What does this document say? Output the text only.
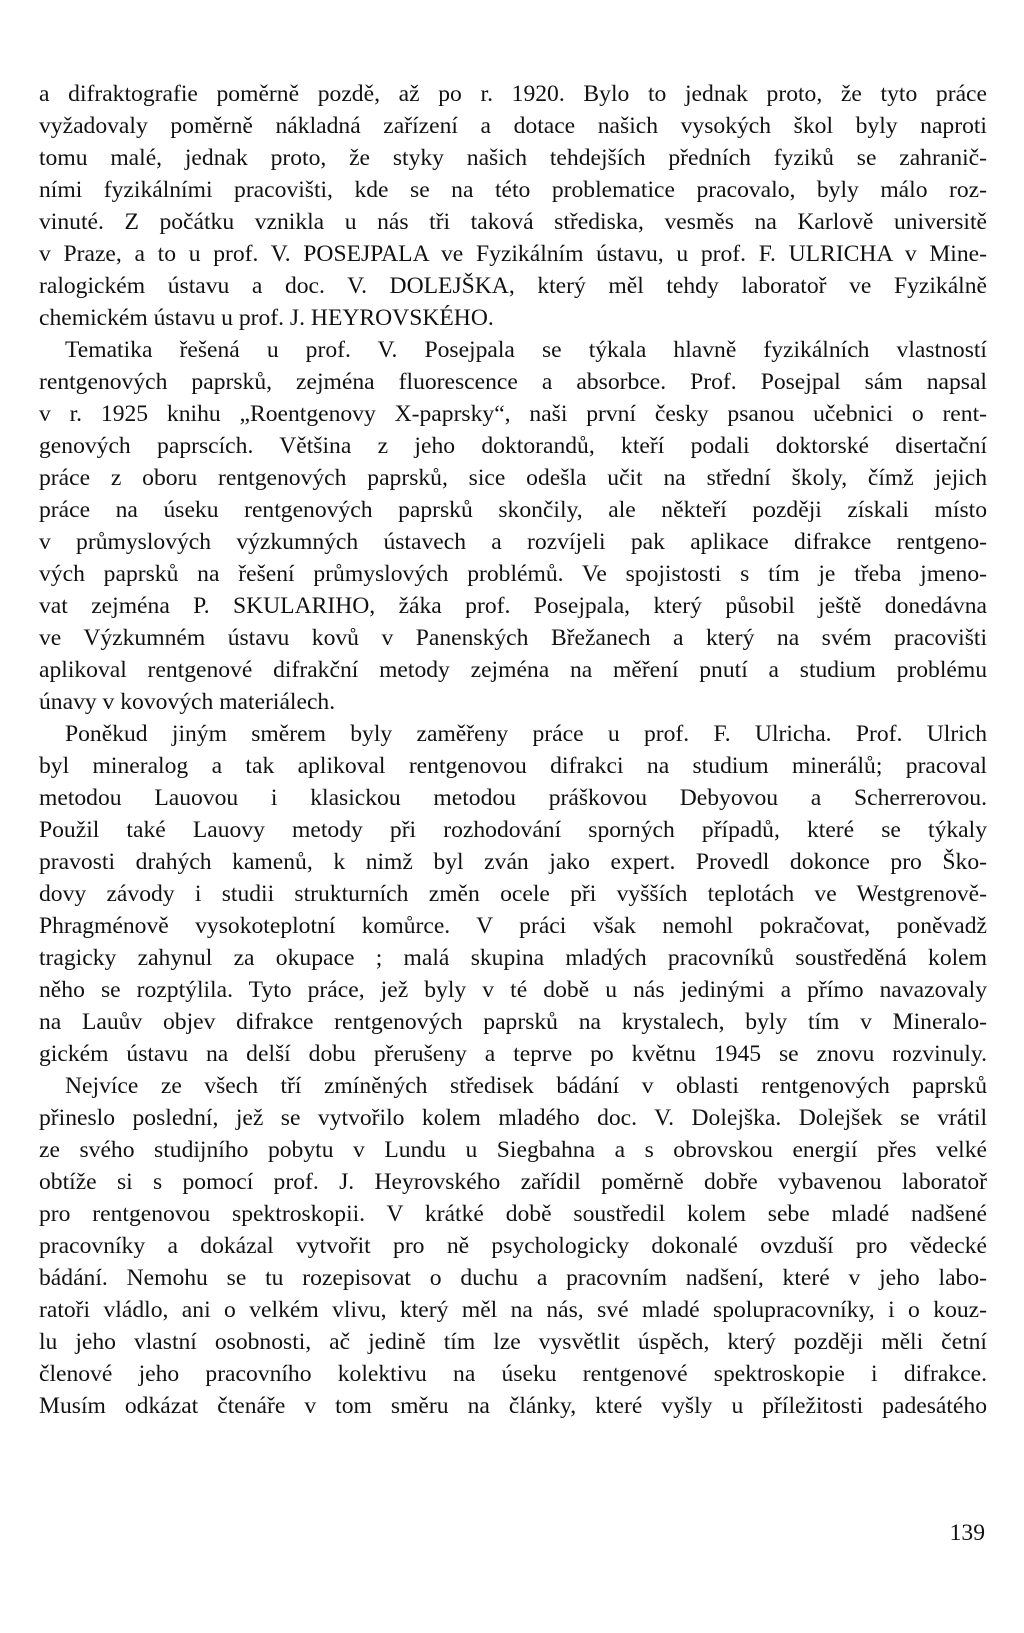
a difraktografie poměrně pozdě, až po r. 1920. Bylo to jednak proto, že tyto práce
vyžadovaly poměrně nákladná zařízení a dotace našich vysokých škol byly naproti
tomu malé, jednak proto, že styky našich tehdejších předních fyziků se zahranič-
ními fyzikálními pracovišti, kde se na této problematice pracovalo, byly málo roz-
vinuté. Z počátku vznikla u nás tři taková střediska, vesměs na Karlově universitě
v Praze, a to u prof. V. POSEJPALA ve Fyzikálním ústavu, u prof. F. ULRICHA v Mine-
ralogickém ústavu a doc. V. DOLEJŠKA, který měl tehdy laboratoř ve Fyzikálně
chemickém ústavu u prof. J. HEYROVSKÉHO.
Tematika řešená u prof. V. Posejpala se týkala hlavně fyzikálních vlastností
rentgenových paprsků, zejména fluorescence a absorbce. Prof. Posejpal sám napsal
v r. 1925 knihu „Roentgenovy X-paprsky“, naši první česky psanou učebnici o rent-
genových paprscích. Většina z jeho doktorandů, kteří podali doktorské disertační
práce z oboru rentgenových paprsků, sice odešla učit na střední školy, čímž jejich
práce na úseku rentgenových paprsků skončily, ale někteří později získali místo
v průmyslových výzkumných ústavech a rozvíjeli pak aplikace difrakce rentgeno-
vých paprsků na řešení průmyslových problémů. Ve spojistosti s tím je třeba jmeno-
vat zejména P. SKULARIHO, žáka prof. Posejpala, který působil ještě donedávna
ve Výzkumném ústavu kovů v Panenských Břežanech a který na svém pracovišti
aplikoval rentgenové difrakční metody zejména na měření pnutí a studium problému
únavy v kovových materiálech.
Poněkud jiným směrem byly zaměřeny práce u prof. F. Ulricha. Prof. Ulrich
byl mineralog a tak aplikoval rentgenovou difrakci na studium minerálů; pracoval
metodou Lauovou i klasickou metodou práškovou Debyovou a Scherrerovou.
Použil také Lauovy metody při rozhodování sporných případů, které se týkaly
pravosti drahých kamenů, k nimž byl zván jako expert. Provedl dokonce pro Ško-
dovy závody i studii strukturních změn ocele při vyšších teplotách ve Westgrenově-
Phragménově vysokoteplotní komůrce. V práci však nemohl pokračovat, poněvadž
tragicky zahynul za okupace ; malá skupina mladých pracovníků soustředěná kolem
něho se rozptýlila. Tyto práce, jež byly v té době u nás jedinými a přímo navazovaly
na Lauův objev difrakce rentgenových paprsků na krystalech, byly tím v Mineralo-
gickém ústavu na delší dobu přerušeny a teprve po květnu 1945 se znovu rozvinuly.
Nejvíce ze všech tří zmíněných středisek bádání v oblasti rentgenových paprsků
přineslo poslední, jež se vytvořilo kolem mladého doc. V. Dolejška. Dolejšek se vrátil
ze svého studijního pobytu v Lundu u Siegbahna a s obrovskou energií přes velké
obtíže si s pomocí prof. J. Heyrovského zařídil poměrně dobře vybavenou laboratoř
pro rentgenovou spektroskopii. V krátké době soustředil kolem sebe mladé nadšené
pracovníky a dokázal vytvořit pro ně psychologicky dokonalé ovzduší pro vědecké
bádání. Nemohu se tu rozepisovat o duchu a pracovním nadšení, které v jeho labo-
ratoři vládlo, ani o velkém vlivu, který měl na nás, své mladé spolupracovníky, i o kouz-
lu jeho vlastní osobnosti, ač jedině tím lze vysvětlit úspěch, který později měli četní
členové jeho pracovního kolektivu na úseku rentgenové spektroskopie i difrakce.
Musím odkázat čtenáře v tom směru na články, které vyšly u příležitosti padesátého
139
